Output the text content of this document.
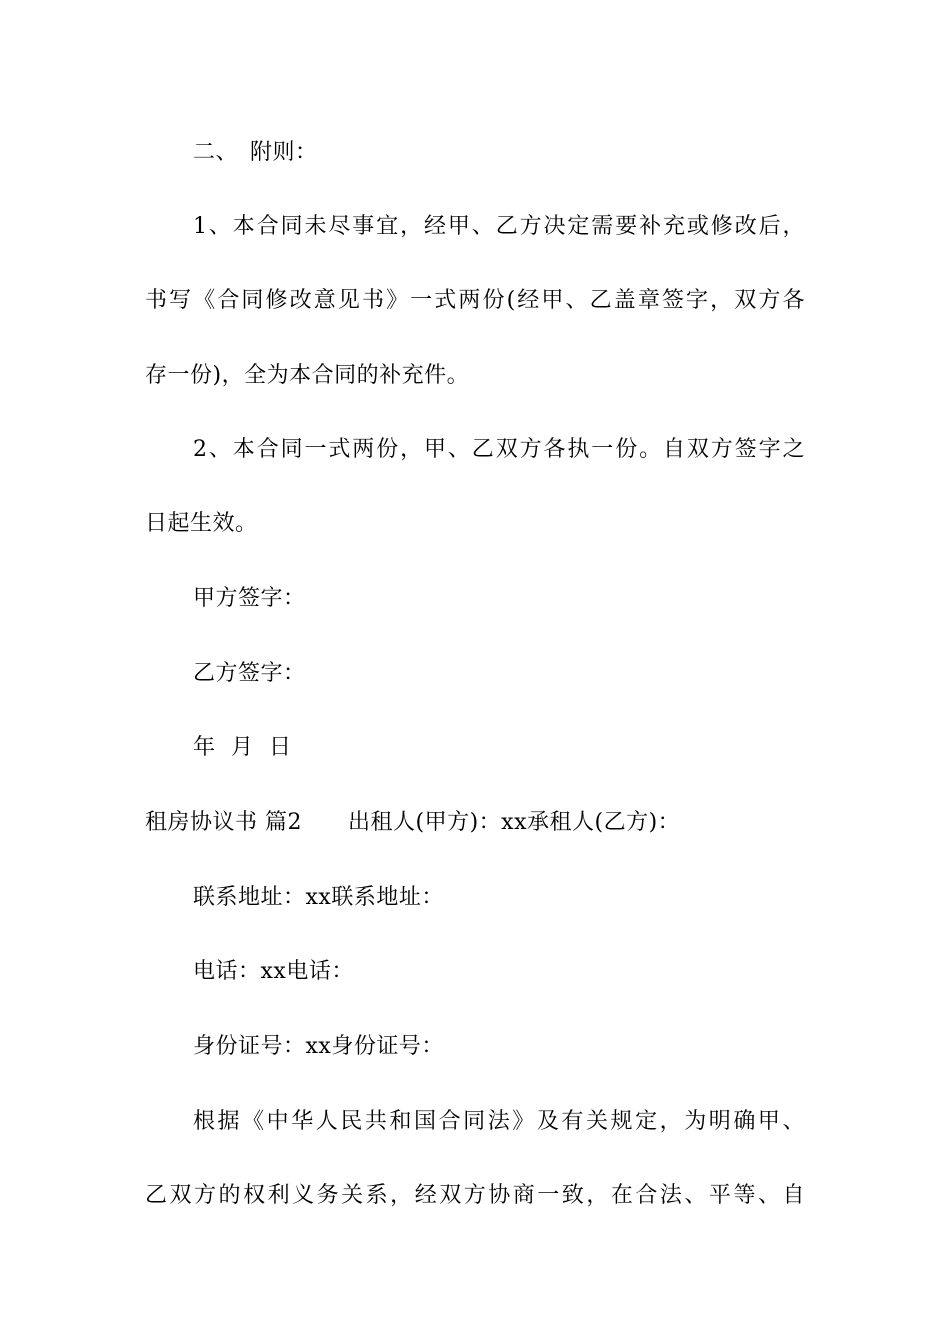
二、 附则：
1、本合同未尽事宜，经甲、乙方决定需要补充或修改后，
书写《合同修改意见书》一式两份(经甲、乙盖章签字，双方各
存一份)，全为本合同的补充件。
2、本合同一式两份，甲、乙双方各执一份。自双方签字之
日起生效。
甲方签字：
乙方签字：
年 月 日
租房协议书 篇2 出租人(甲方)：xx承租人(乙方)：
联系地址：xx联系地址：
电话：xx电话：
身份证号：xx身份证号：
根据《中华人民共和国合同法》及有关规定，为明确甲、
乙双方的权利义务关系，经双方协商一致，在合法、平等、自
